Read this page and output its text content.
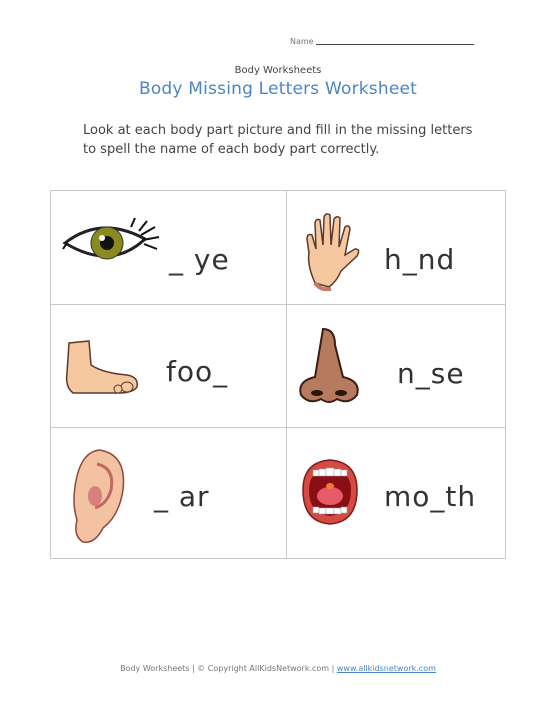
Name
Body Worksheets
Body Missing Letters Worksheet
Look at each body part picture and fill in the missing letters to spell the name of each body part correctly.
_ ye	h_nd
foo_	n_se
_ ar	mo_th
Body Worksheets | © Copyright AllKidsNetwork.com | www.allkidsnetwork.com
